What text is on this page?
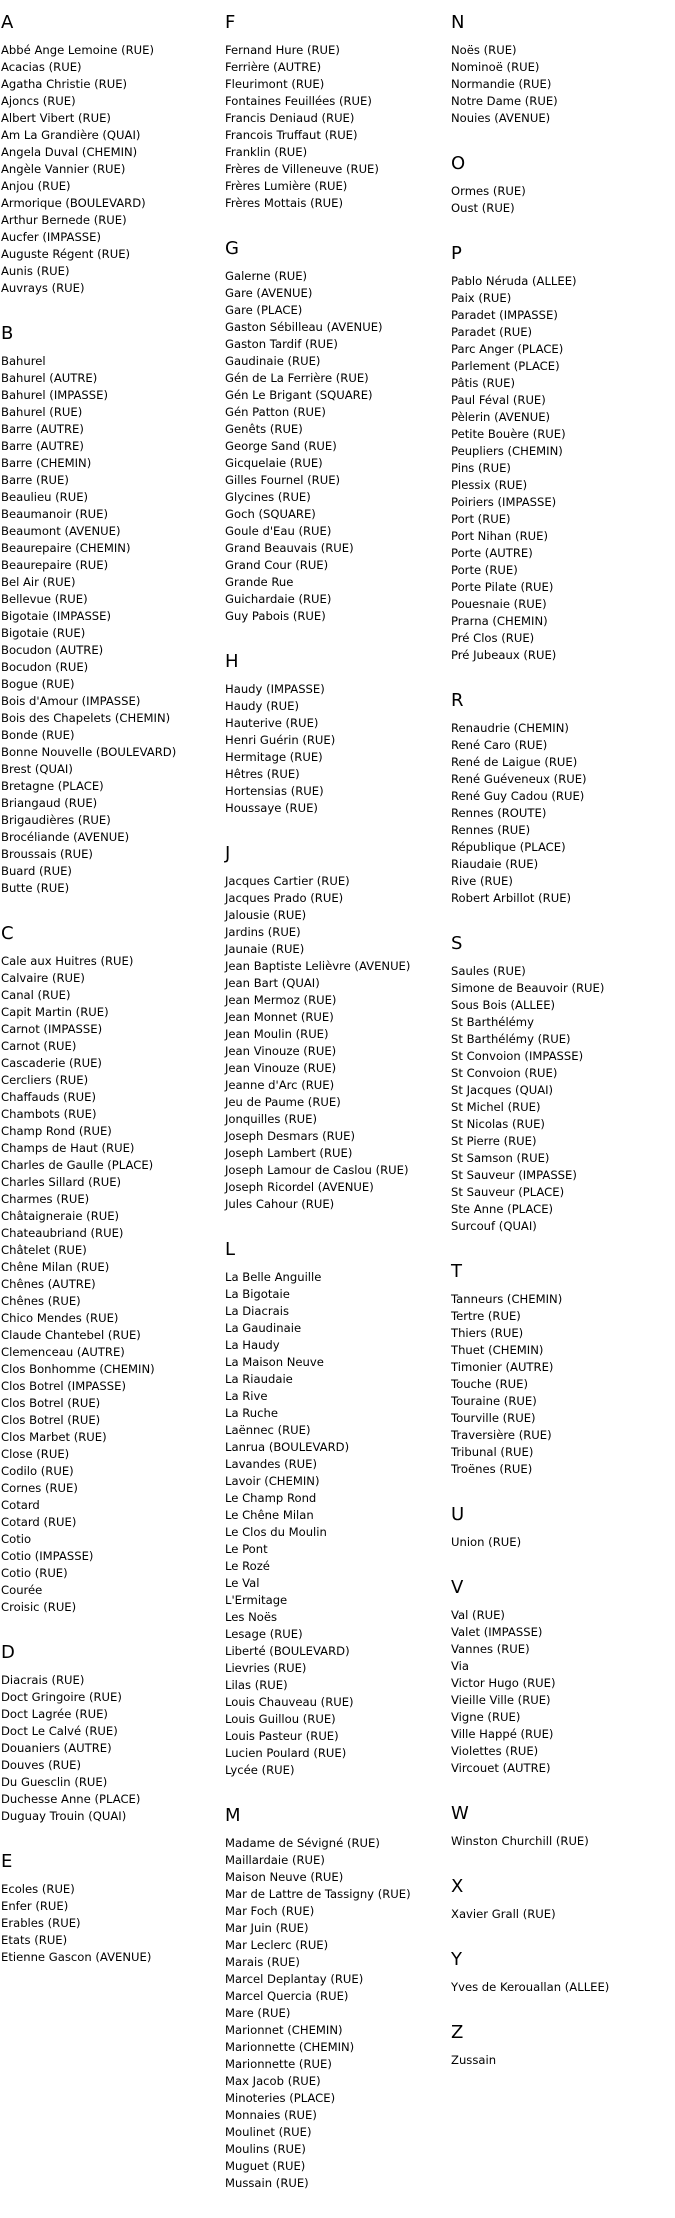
A
Abbé Ange Lemoine (RUE)
Acacias (RUE)
Agatha Christie (RUE)
Ajoncs (RUE)
Albert Vibert (RUE)
Am La Grandière (QUAI)
Angela Duval (CHEMIN)
Angèle Vannier (RUE)
Anjou (RUE)
Armorique (BOULEVARD)
Arthur Bernede (RUE)
Aucfer (IMPASSE)
Auguste Régent (RUE)
Aunis (RUE)
Auvrays (RUE)
B
Bahurel
Bahurel (AUTRE)
Bahurel (IMPASSE)
Bahurel (RUE)
Barre (AUTRE)
Barre (AUTRE)
Barre (CHEMIN)
Barre (RUE)
Beaulieu (RUE)
Beaumanoir (RUE)
Beaumont (AVENUE)
Beaurepaire (CHEMIN)
Beaurepaire (RUE)
Bel Air (RUE)
Bellevue (RUE)
Bigotaie (IMPASSE)
Bigotaie (RUE)
Bocudon (AUTRE)
Bocudon (RUE)
Bogue (RUE)
Bois d'Amour (IMPASSE)
Bois des Chapelets (CHEMIN)
Bonde (RUE)
Bonne Nouvelle (BOULEVARD)
Brest (QUAI)
Bretagne (PLACE)
Briangaud (RUE)
Brigaudières (RUE)
Brocéliande (AVENUE)
Broussais (RUE)
Buard (RUE)
Butte (RUE)
C
Cale aux Huitres (RUE)
Calvaire (RUE)
Canal (RUE)
Capit Martin (RUE)
Carnot (IMPASSE)
Carnot (RUE)
Cascaderie (RUE)
Cercliers (RUE)
Chaffauds (RUE)
Chambots (RUE)
Champ Rond (RUE)
Champs de Haut (RUE)
Charles de Gaulle (PLACE)
Charles Sillard (RUE)
Charmes (RUE)
Châtaigneraie (RUE)
Chateaubriand (RUE)
Châtelet (RUE)
Chêne Milan (RUE)
Chênes (AUTRE)
Chênes (RUE)
Chico Mendes (RUE)
Claude Chantebel (RUE)
Clemenceau (AUTRE)
Clos Bonhomme (CHEMIN)
Clos Botrel (IMPASSE)
Clos Botrel (RUE)
Clos Botrel (RUE)
Clos Marbet (RUE)
Close (RUE)
Codilo (RUE)
Cornes (RUE)
Cotard
Cotard (RUE)
Cotio
Cotio (IMPASSE)
Cotio (RUE)
Courée
Croisic (RUE)
D
Diacrais (RUE)
Doct Gringoire (RUE)
Doct Lagrée (RUE)
Doct Le Calvé (RUE)
Douaniers (AUTRE)
Douves (RUE)
Du Guesclin (RUE)
Duchesse Anne (PLACE)
Duguay Trouin (QUAI)
E
Ecoles (RUE)
Enfer (RUE)
Erables (RUE)
Etats (RUE)
Etienne Gascon (AVENUE)
F
Fernand Hure (RUE)
Ferrière (AUTRE)
Fleurimont (RUE)
Fontaines Feuillées (RUE)
Francis Deniaud (RUE)
Francois Truffaut (RUE)
Franklin (RUE)
Frères de Villeneuve (RUE)
Frères Lumière (RUE)
Frères Mottais (RUE)
G
Galerne (RUE)
Gare (AVENUE)
Gare (PLACE)
Gaston Sébilleau (AVENUE)
Gaston Tardif (RUE)
Gaudinaie (RUE)
Gén de La Ferrière (RUE)
Gén Le Brigant (SQUARE)
Gén Patton (RUE)
Genêts (RUE)
George Sand (RUE)
Gicquelaie (RUE)
Gilles Fournel (RUE)
Glycines (RUE)
Goch (SQUARE)
Goule d'Eau (RUE)
Grand Beauvais (RUE)
Grand Cour (RUE)
Grande Rue
Guichardaie (RUE)
Guy Pabois (RUE)
H
Haudy (IMPASSE)
Haudy (RUE)
Hauterive (RUE)
Henri Guérin (RUE)
Hermitage (RUE)
Hêtres (RUE)
Hortensias (RUE)
Houssaye (RUE)
J
Jacques Cartier (RUE)
Jacques Prado (RUE)
Jalousie (RUE)
Jardins (RUE)
Jaunaie (RUE)
Jean Baptiste Lelièvre (AVENUE)
Jean Bart (QUAI)
Jean Mermoz (RUE)
Jean Monnet (RUE)
Jean Moulin (RUE)
Jean Vinouze (RUE)
Jean Vinouze (RUE)
Jeanne d'Arc (RUE)
Jeu de Paume (RUE)
Jonquilles (RUE)
Joseph Desmars (RUE)
Joseph Lambert (RUE)
Joseph Lamour de Caslou (RUE)
Joseph Ricordel (AVENUE)
Jules Cahour (RUE)
L
La Belle Anguille
La Bigotaie
La Diacrais
La Gaudinaie
La Haudy
La Maison Neuve
La Riaudaie
La Rive
La Ruche
Laënnec (RUE)
Lanrua (BOULEVARD)
Lavandes (RUE)
Lavoir (CHEMIN)
Le Champ Rond
Le Chêne Milan
Le Clos du Moulin
Le Pont
Le Rozé
Le Val
L'Ermitage
Les Noës
Lesage (RUE)
Liberté (BOULEVARD)
Lievries (RUE)
Lilas (RUE)
Louis Chauveau (RUE)
Louis Guillou (RUE)
Louis Pasteur (RUE)
Lucien Poulard (RUE)
Lycée (RUE)
M
Madame de Sévigné (RUE)
Maillardaie (RUE)
Maison Neuve (RUE)
Mar de Lattre de Tassigny (RUE)
Mar Foch (RUE)
Mar Juin (RUE)
Mar Leclerc (RUE)
Marais (RUE)
Marcel Deplantay (RUE)
Marcel Quercia (RUE)
Mare (RUE)
Marionnet (CHEMIN)
Marionnette (CHEMIN)
Marionnette (RUE)
Max Jacob (RUE)
Minoteries (PLACE)
Monnaies (RUE)
Moulinet (RUE)
Moulins (RUE)
Muguet (RUE)
Mussain (RUE)
N
Noës (RUE)
Nominoë (RUE)
Normandie (RUE)
Notre Dame (RUE)
Nouies (AVENUE)
O
Ormes (RUE)
Oust (RUE)
P
Pablo Néruda (ALLEE)
Paix (RUE)
Paradet (IMPASSE)
Paradet (RUE)
Parc Anger (PLACE)
Parlement (PLACE)
Pâtis (RUE)
Paul Féval (RUE)
Pèlerin (AVENUE)
Petite Bouère (RUE)
Peupliers (CHEMIN)
Pins (RUE)
Plessix (RUE)
Poiriers (IMPASSE)
Port (RUE)
Port Nihan (RUE)
Porte (AUTRE)
Porte (RUE)
Porte Pilate (RUE)
Pouesnaie (RUE)
Prarna (CHEMIN)
Pré Clos (RUE)
Pré Jubeaux (RUE)
R
Renaudrie (CHEMIN)
René Caro (RUE)
René de Laigue (RUE)
René Guéveneux (RUE)
René Guy Cadou (RUE)
Rennes (ROUTE)
Rennes (RUE)
République (PLACE)
Riaudaie (RUE)
Rive (RUE)
Robert Arbillot (RUE)
S
Saules (RUE)
Simone de Beauvoir (RUE)
Sous Bois (ALLEE)
St Barthélémy
St Barthélémy (RUE)
St Convoion (IMPASSE)
St Convoion (RUE)
St Jacques (QUAI)
St Michel (RUE)
St Nicolas (RUE)
St Pierre (RUE)
St Samson (RUE)
St Sauveur (IMPASSE)
St Sauveur (PLACE)
Ste Anne (PLACE)
Surcouf (QUAI)
T
Tanneurs (CHEMIN)
Tertre (RUE)
Thiers (RUE)
Thuet (CHEMIN)
Timonier (AUTRE)
Touche (RUE)
Touraine (RUE)
Tourville (RUE)
Traversière (RUE)
Tribunal (RUE)
Troënes (RUE)
U
Union (RUE)
V
Val (RUE)
Valet (IMPASSE)
Vannes (RUE)
Via
Victor Hugo (RUE)
Vieille Ville (RUE)
Vigne (RUE)
Ville Happé (RUE)
Violettes (RUE)
Vircouet (AUTRE)
W
Winston Churchill (RUE)
X
Xavier Grall (RUE)
Y
Yves de Kerouallan (ALLEE)
Z
Zussain
